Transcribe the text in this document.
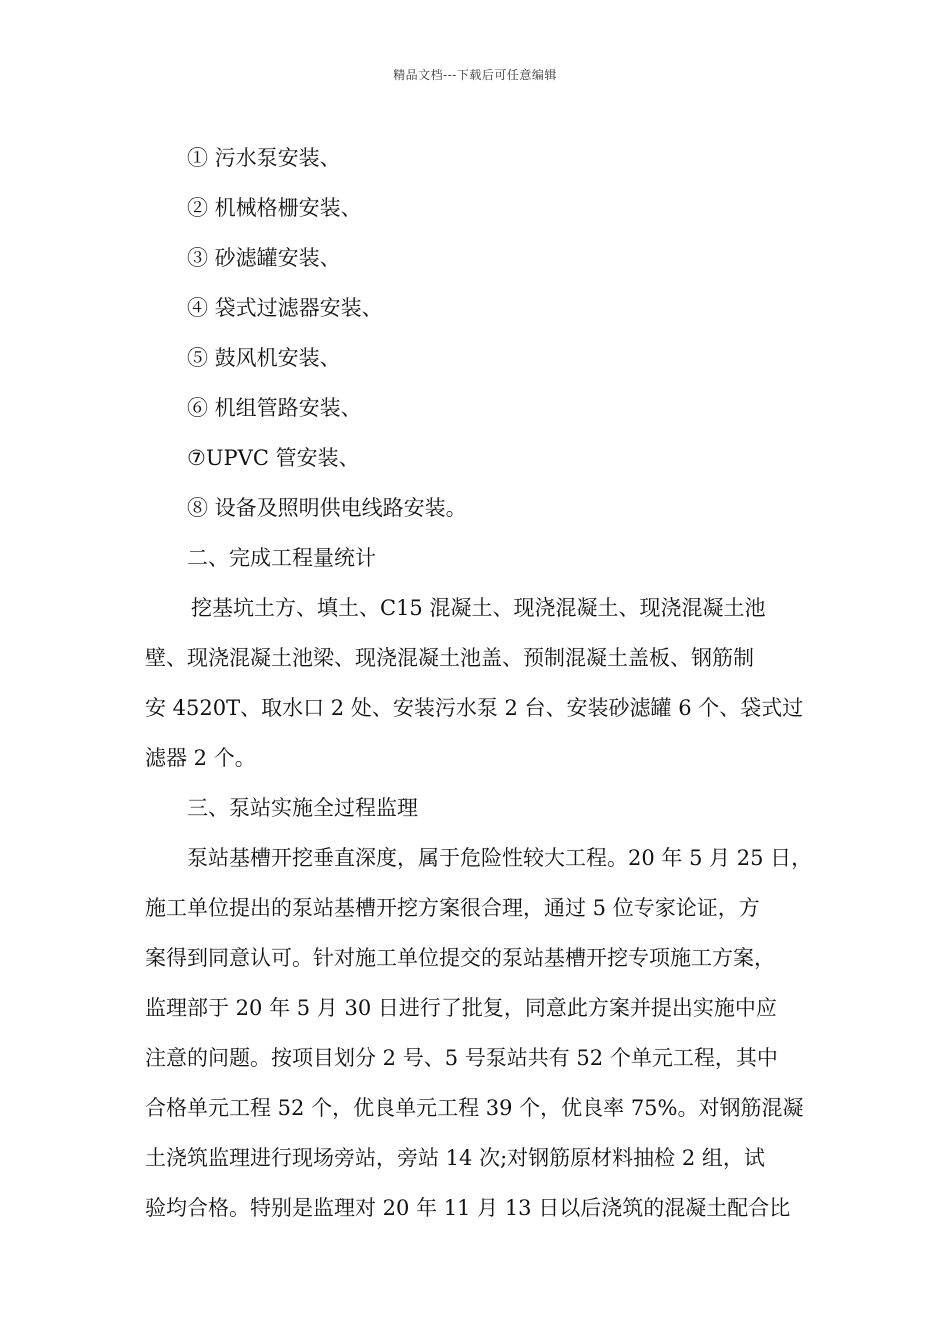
精品文档---下载后可任意编辑

① 污水泵安装、

② 机械格栅安装、

③ 砂滤罐安装、

④ 袋式过滤器安装、

⑤ 鼓风机安装、

⑥ 机组管路安装、

⑦UPVC 管安装、

⑧ 设备及照明供电线路安装。

二、完成工程量统计

挖基坑土方、填土、C15 混凝土、现浇混凝土、现浇混凝土池

壁、现浇混凝土池梁、现浇混凝土池盖、预制混凝土盖板、钢筋制

安 4520T、取水口 2 处、安装污水泵 2 台、安装砂滤罐 6 个、袋式过

滤器 2 个。

三、泵站实施全过程监理

泵站基槽开挖垂直深度，属于危险性较大工程。20 年 5 月 25 日，

施工单位提出的泵站基槽开挖方案很合理，通过 5 位专家论证，方

案得到同意认可。针对施工单位提交的泵站基槽开挖专项施工方案，

监理部于 20 年 5 月 30 日进行了批复，同意此方案并提出实施中应

注意的问题。按项目划分 2 号、5 号泵站共有 52 个单元工程，其中

合格单元工程 52 个，优良单元工程 39 个，优良率 75%。对钢筋混凝

土浇筑监理进行现场旁站，旁站 14 次;对钢筋原材料抽检 2 组，试

验均合格。特别是监理对 20 年 11 月 13 日以后浇筑的混凝土配合比
